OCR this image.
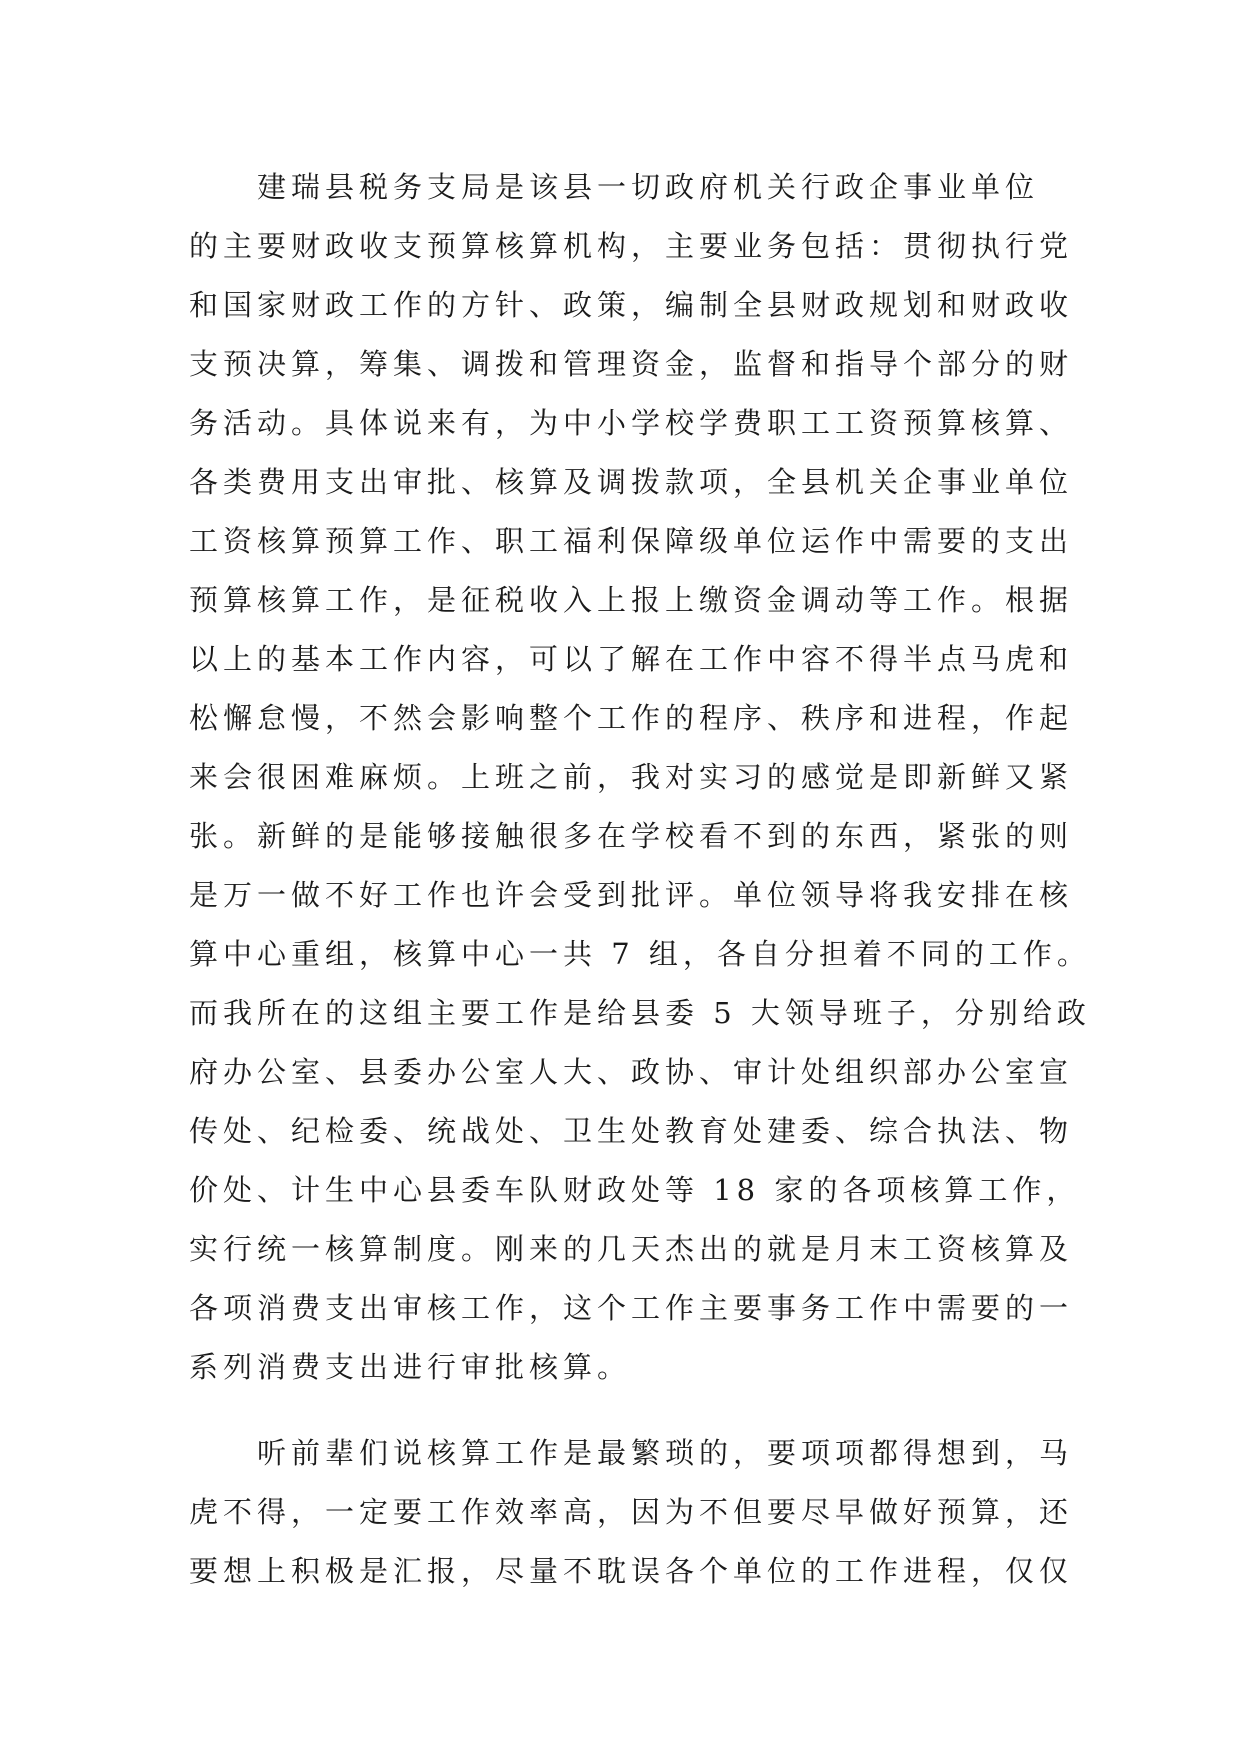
　　建瑞县税务支局是该县一切政府机关行政企事业单位
的主要财政收支预算核算机构，主要业务包括：贯彻执行党
和国家财政工作的方针、政策，编制全县财政规划和财政收
支预决算，筹集、调拨和管理资金，监督和指导个部分的财
务活动。具体说来有，为中小学校学费职工工资预算核算、
各类费用支出审批、核算及调拨款项，全县机关企事业单位
工资核算预算工作、职工福利保障级单位运作中需要的支出
预算核算工作，是征税收入上报上缴资金调动等工作。根据
以上的基本工作内容，可以了解在工作中容不得半点马虎和
松懈怠慢，不然会影响整个工作的程序、秩序和进程，作起
来会很困难麻烦。上班之前，我对实习的感觉是即新鲜又紧
张。新鲜的是能够接触很多在学校看不到的东西，紧张的则
是万一做不好工作也许会受到批评。单位领导将我安排在核
算中心重组，核算中心一共 7 组，各自分担着不同的工作。
而我所在的这组主要工作是给县委 5 大领导班子，分别给政
府办公室、县委办公室人大、政协、审计处组织部办公室宣
传处、纪检委、统战处、卫生处教育处建委、综合执法、物
价处、计生中心县委车队财政处等 18 家的各项核算工作，
实行统一核算制度。刚来的几天杰出的就是月末工资核算及
各项消费支出审核工作，这个工作主要事务工作中需要的一
系列消费支出进行审批核算。
　　听前辈们说核算工作是最繁琐的，要项项都得想到，马
虎不得，一定要工作效率高，因为不但要尽早做好预算，还
要想上积极是汇报，尽量不耽误各个单位的工作进程，仅仅
